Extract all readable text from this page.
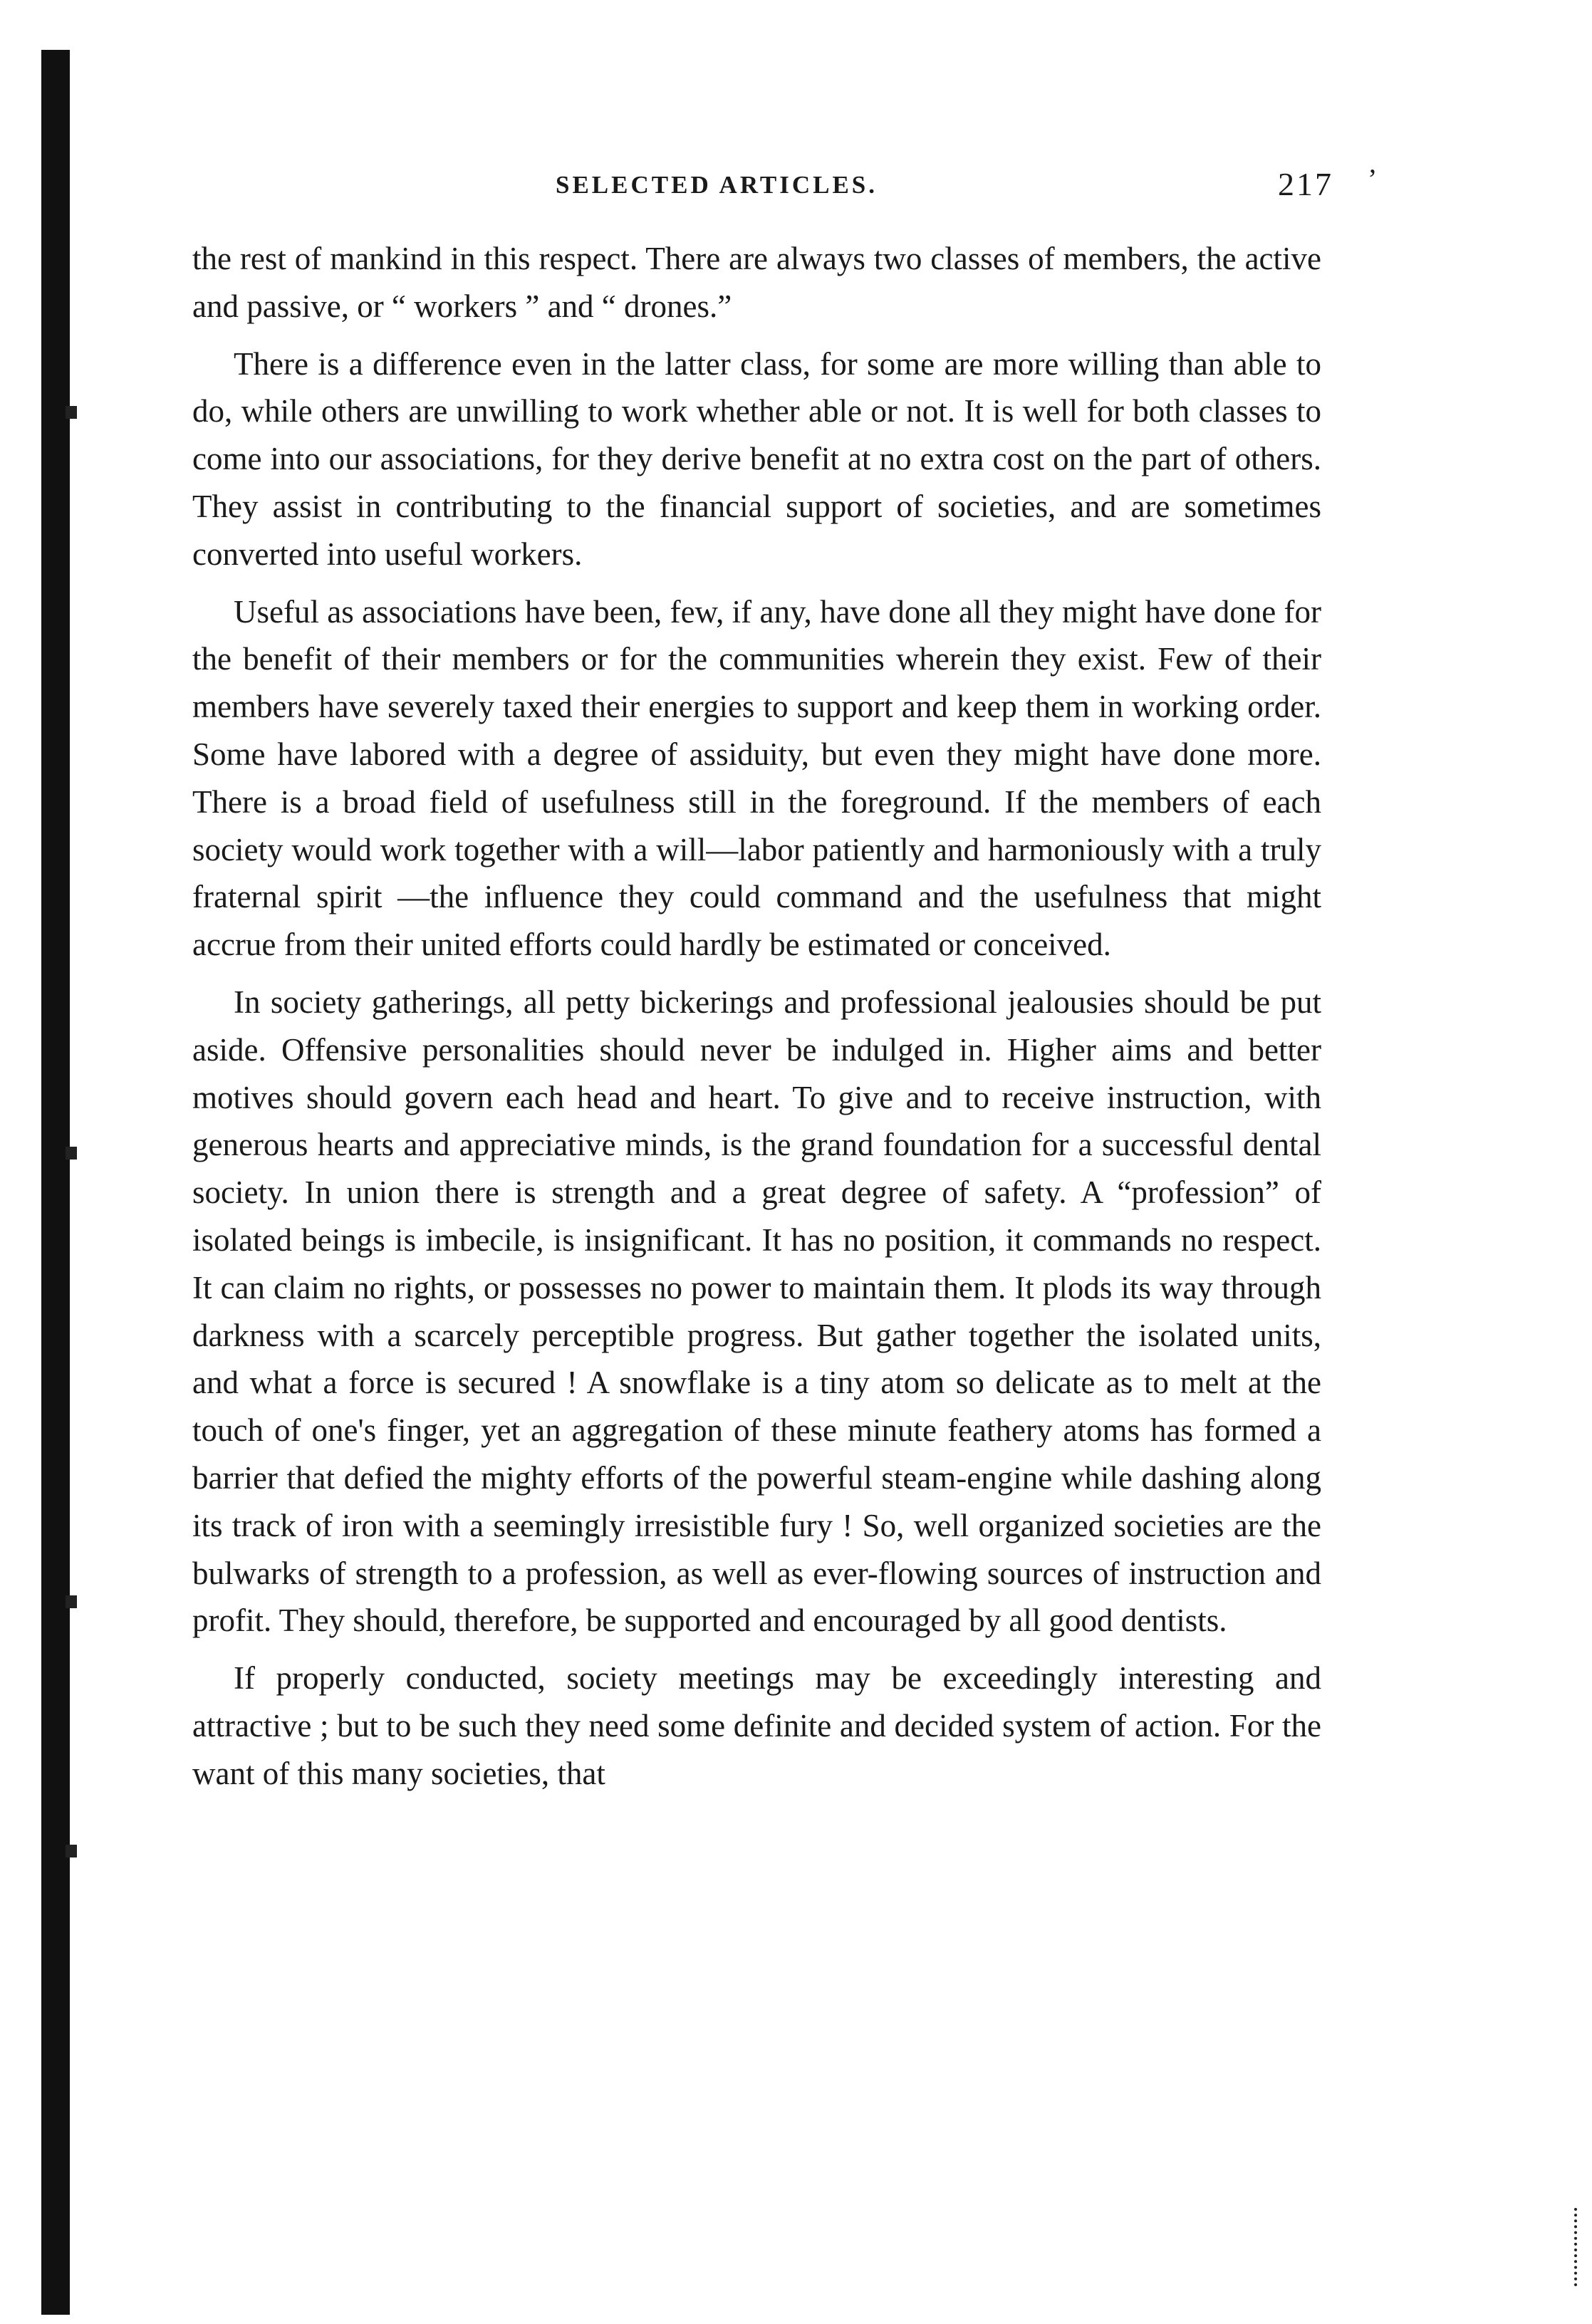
SELECTED ARTICLES.	217 ʼ

the rest of mankind in this respect. There are always two classes of members, the active and passive, or “ workers ” and “ drones.”

There is a difference even in the latter class, for some are more willing than able to do, while others are unwilling to work whether able or not. It is well for both classes to come into our associations, for they derive benefit at no extra cost on the part of others. They assist in contributing to the financial support of societies, and are sometimes converted into useful workers.

Useful as associations have been, few, if any, have done all they might have done for the benefit of their members or for the communities wherein they exist. Few of their members have severely taxed their energies to support and keep them in working order. Some have labored with a degree of assiduity, but even they might have done more. There is a broad field of usefulness still in the foreground. If the members of each society would work together with a will—labor patiently and harmoniously with a truly fraternal spirit —the influence they could command and the usefulness that might accrue from their united efforts could hardly be estimated or conceived.

In society gatherings, all petty bickerings and professional jealousies should be put aside. Offensive personalities should never be indulged in. Higher aims and better motives should govern each head and heart. To give and to receive instruction, with generous hearts and appreciative minds, is the grand foundation for a successful dental society. In union there is strength and a great degree of safety. A “profession” of isolated beings is imbecile, is insignificant. It has no position, it commands no respect. It can claim no rights, or possesses no power to maintain them. It plods its way through darkness with a scarcely perceptible progress. But gather together the isolated units, and what a force is secured ! A snowflake is a tiny atom so delicate as to melt at the touch of one's finger, yet an aggregation of these minute feathery atoms has formed a barrier that defied the mighty efforts of the powerful steam-engine while dashing along its track of iron with a seemingly irresistible fury ! So, well organized societies are the bulwarks of strength to a profession, as well as ever-flowing sources of instruction and profit. They should, therefore, be supported and encouraged by all good dentists.

If properly conducted, society meetings may be exceedingly interesting and attractive ; but to be such they need some definite and decided system of action. For the want of this many societies, that
